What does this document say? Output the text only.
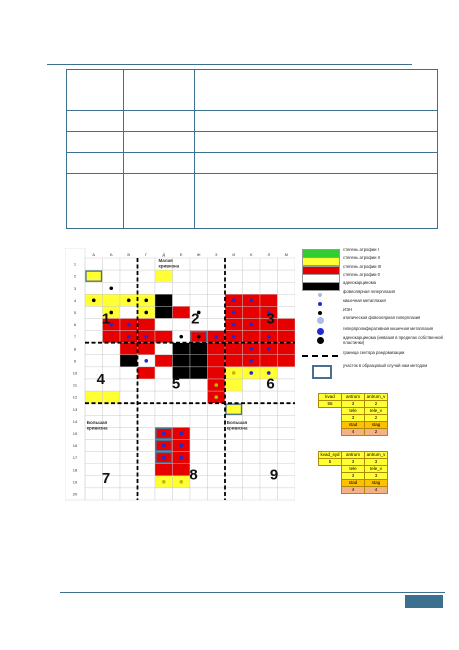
А	Б	В	Г	Д	Е	Ж	З	И	К	Л	М
1
2
3
4
5
6
7
8
9
10
11
12
13
14
15
16
17
18
19
20
1	2	3
4	5	6
7	8	9
Малая
кривизна
Большая
кривизна
Большая
кривизна
степень атрофии I
степень атрофии II
степень атрофии III
степень атрофии 0
аденокарцинома
фовеолярная гиперплазия
кишечная метаплазия
ИЭН
атипическая фовеолярная гиперплазия
гиперпролиферативная кишечная метаплазия
аденокарцинома (инвазия в пределах собственной пластинки)
граница сектора рандомизации
участок в образцовый случай нам методом
kvad	antrum	antrum_v
55	3	2
	tele	tele_v
	3	2
	stad	stag
	4	2
kvad_syd	antrum	antrum_v
5	3	3
	tele	tele_v
	3	3
	stad	stag
	4	4
